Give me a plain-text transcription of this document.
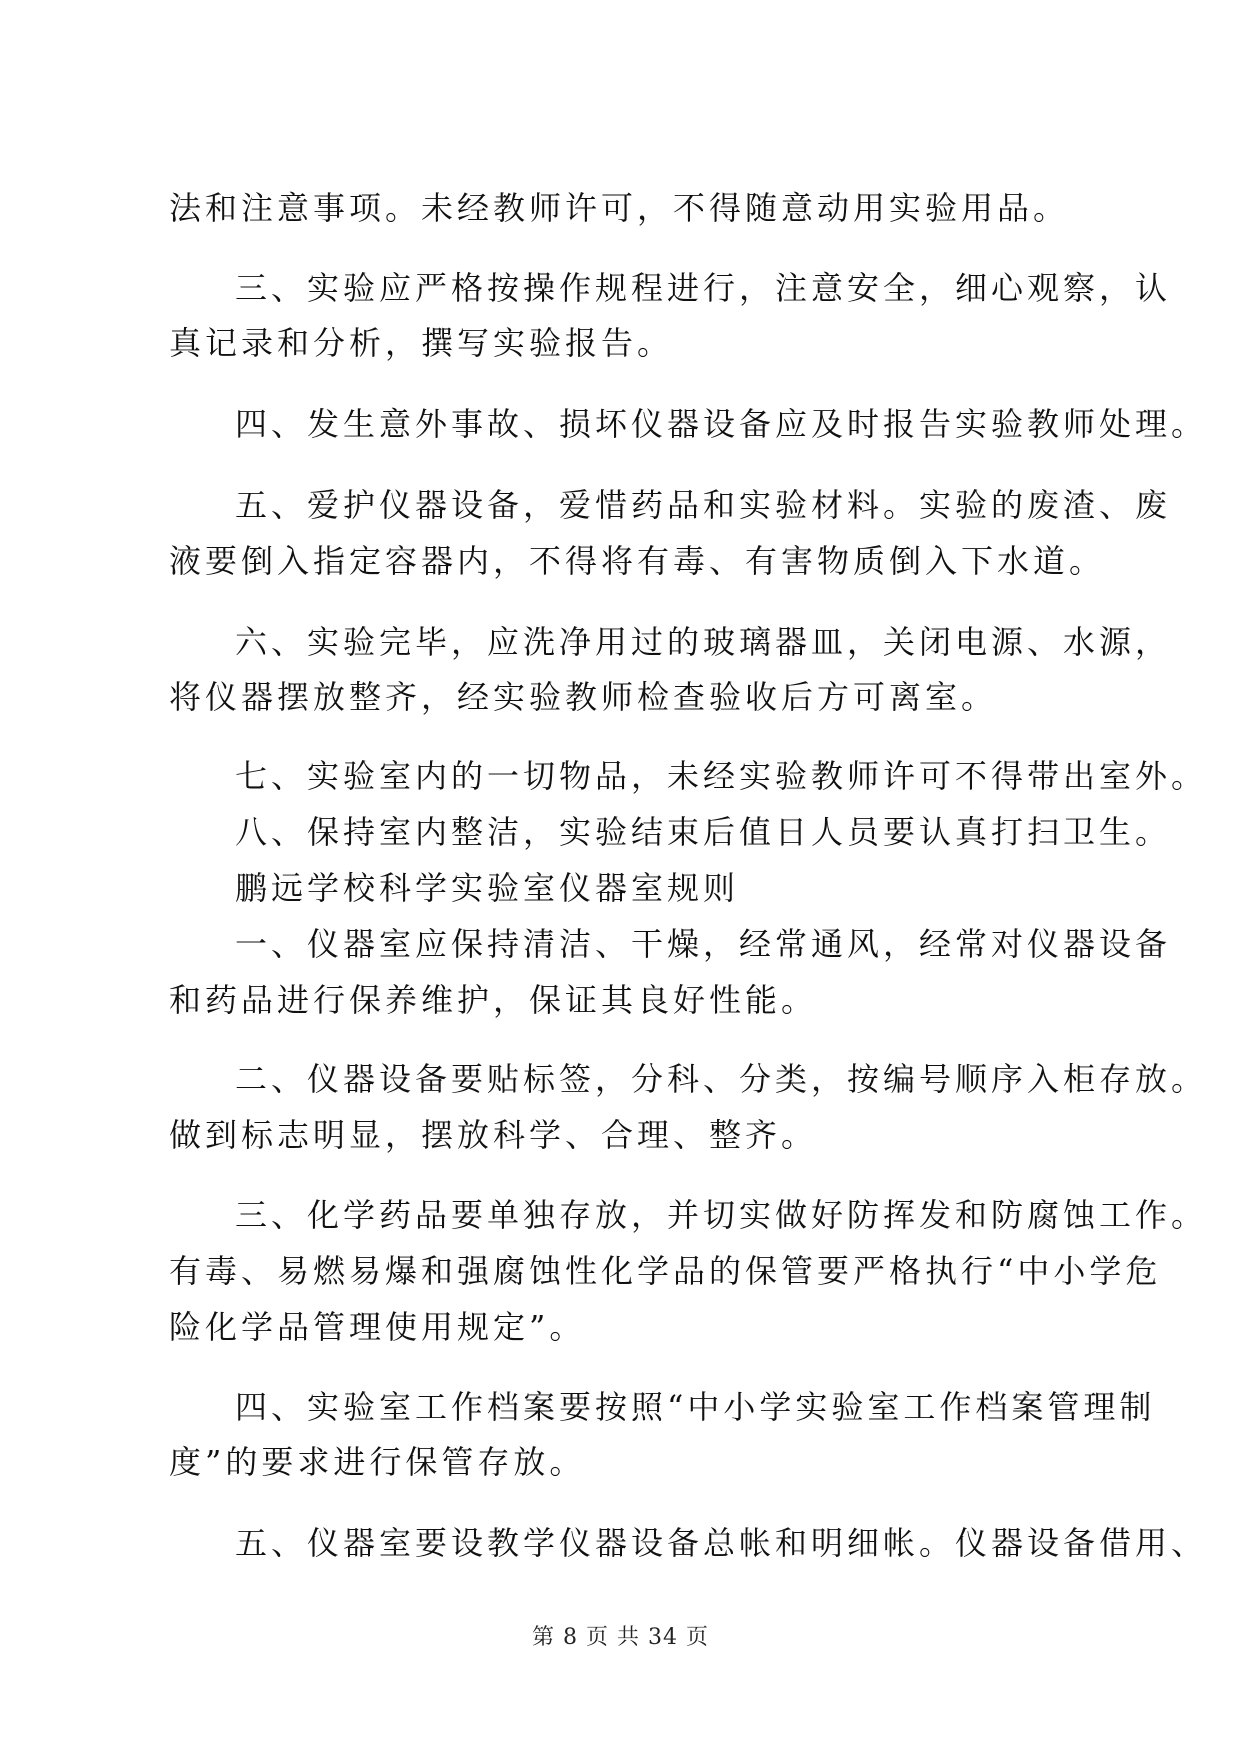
法和注意事项。未经教师许可，不得随意动用实验用品。
三、实验应严格按操作规程进行，注意安全，细心观察，认
真记录和分析，撰写实验报告。
四、发生意外事故、损坏仪器设备应及时报告实验教师处理。
五、爱护仪器设备，爱惜药品和实验材料。实验的废渣、废
液要倒入指定容器内，不得将有毒、有害物质倒入下水道。
六、实验完毕，应洗净用过的玻璃器皿，关闭电源、水源，
将仪器摆放整齐，经实验教师检查验收后方可离室。
七、实验室内的一切物品，未经实验教师许可不得带出室外。
八、保持室内整洁，实验结束后值日人员要认真打扫卫生。
鹏远学校科学实验室仪器室规则
一、仪器室应保持清洁、干燥，经常通风，经常对仪器设备
和药品进行保养维护，保证其良好性能。
二、仪器设备要贴标签，分科、分类，按编号顺序入柜存放。
做到标志明显，摆放科学、合理、整齐。
三、化学药品要单独存放，并切实做好防挥发和防腐蚀工作。
有毒、易燃易爆和强腐蚀性化学品的保管要严格执行“中小学危
险化学品管理使用规定”。
四、实验室工作档案要按照“中小学实验室工作档案管理制
度”的要求进行保管存放。
五、仪器室要设教学仪器设备总帐和明细帐。仪器设备借用、
第 8 页 共 34 页
